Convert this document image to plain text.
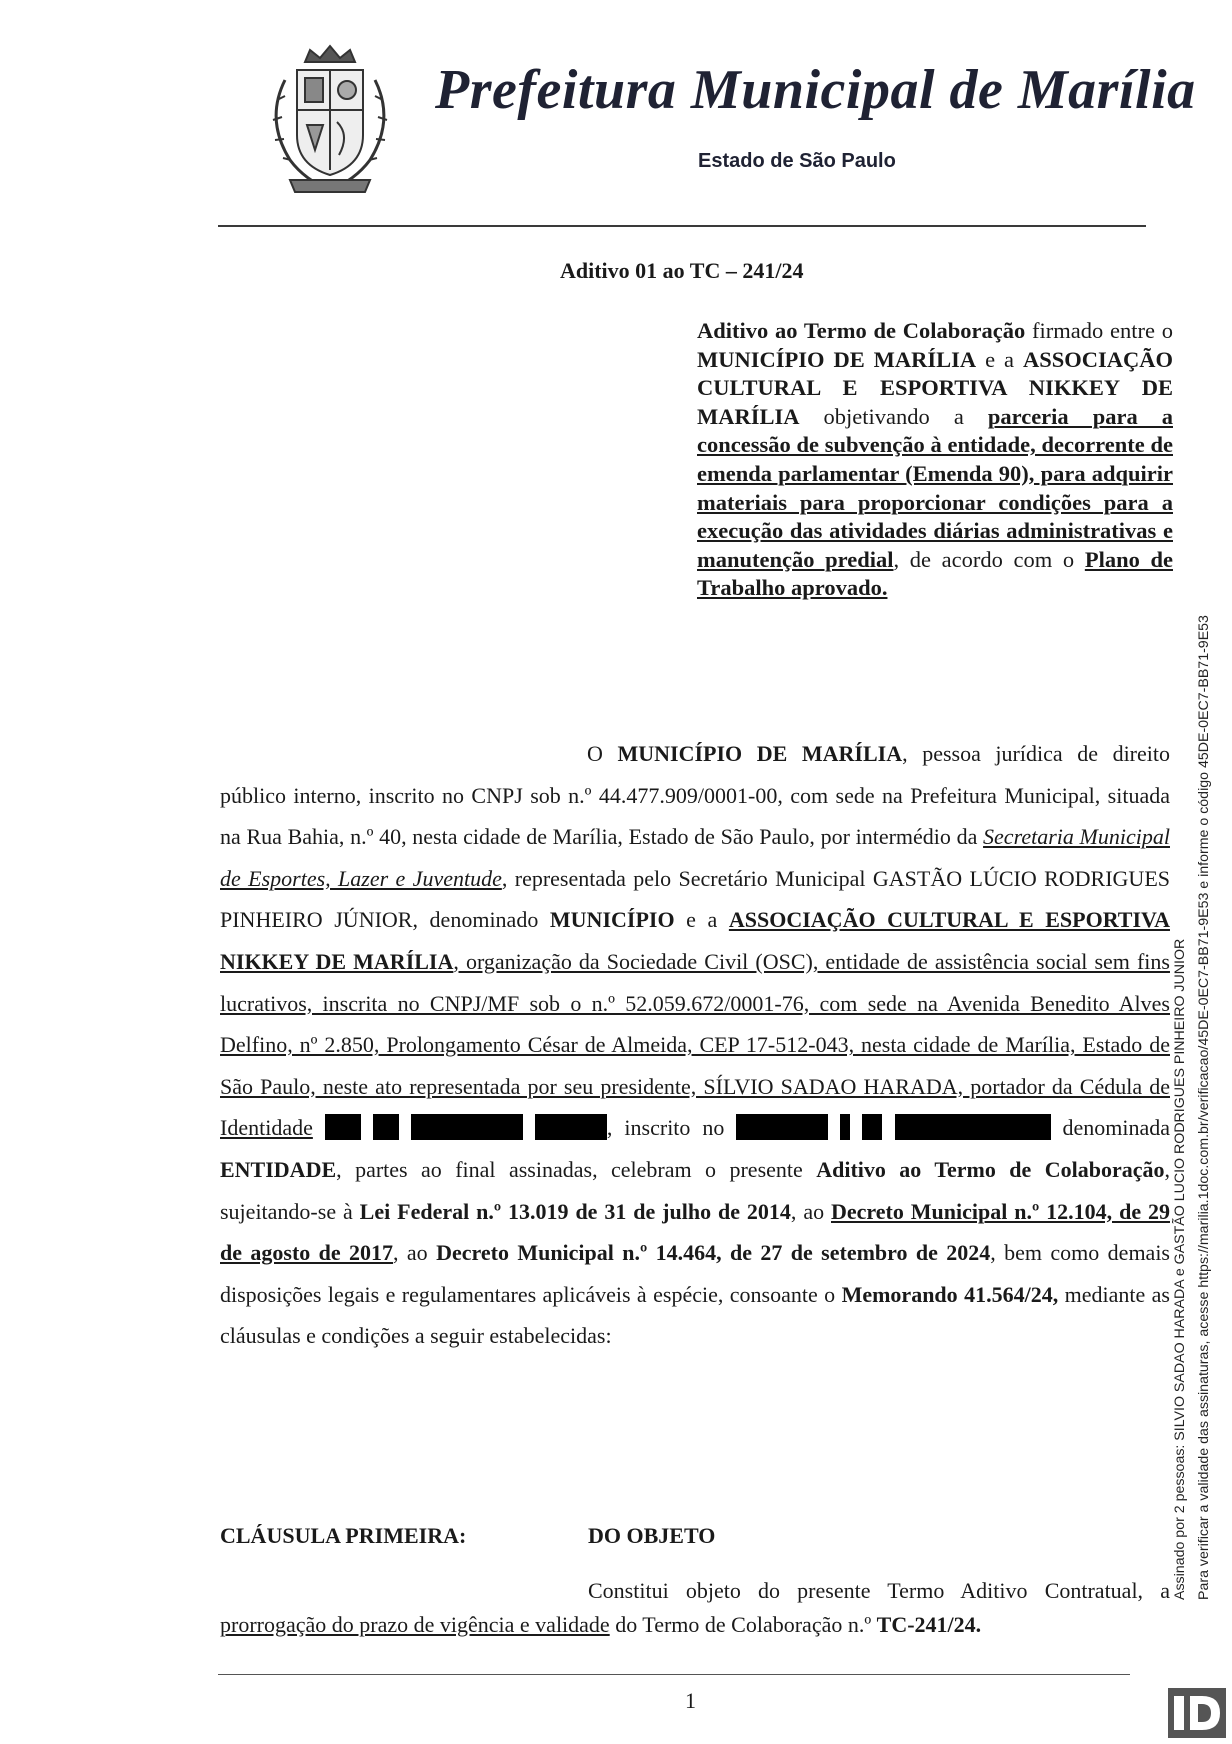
Prefeitura Municipal de Marília
Estado de São Paulo
Aditivo 01 ao TC – 241/24
Aditivo ao Termo de Colaboração firmado entre o MUNICÍPIO DE MARÍLIA e a ASSOCIAÇÃO CULTURAL E ESPORTIVA NIKKEY DE MARÍLIA objetivando a parceria para a concessão de subvenção à entidade, decorrente de emenda parlamentar (Emenda 90), para adquirir materiais para proporcionar condições para a execução das atividades diárias administrativas e manutenção predial, de acordo com o Plano de Trabalho aprovado.
O MUNICÍPIO DE MARÍLIA, pessoa jurídica de direito público interno, inscrito no CNPJ sob n.º 44.477.909/0001-00, com sede na Prefeitura Municipal, situada na Rua Bahia, n.º 40, nesta cidade de Marília, Estado de São Paulo, por intermédio da Secretaria Municipal de Esportes, Lazer e Juventude, representada pelo Secretário Municipal GASTÃO LÚCIO RODRIGUES PINHEIRO JÚNIOR, denominado MUNICÍPIO e a ASSOCIAÇÃO CULTURAL E ESPORTIVA NIKKEY DE MARÍLIA, organização da Sociedade Civil (OSC), entidade de assistência social sem fins lucrativos, inscrita no CNPJ/MF sob o n.º 52.059.672/0001-76, com sede na Avenida Benedito Alves Delfino, nº 2.850, Prolongamento César de Almeida, CEP 17-512-043, nesta cidade de Marília, Estado de São Paulo, neste ato representada por seu presidente, SÍLVIO SADAO HARADA, portador da Cédula de Identidade	, inscrito no	denominada ENTIDADE, partes ao final assinadas, celebram o presente Aditivo ao Termo de Colaboração, sujeitando-se à Lei Federal n.º 13.019 de 31 de julho de 2014, ao Decreto Municipal n.º 12.104, de 29 de agosto de 2017, ao Decreto Municipal n.º 14.464, de 27 de setembro de 2024, bem como demais disposições legais e regulamentares aplicáveis à espécie, consoante o Memorando 41.564/24, mediante as cláusulas e condições a seguir estabelecidas:
CLÁUSULA PRIMEIRA:	DO OBJETO
Constitui objeto do presente Termo Aditivo Contratual, a prorrogação do prazo de vigência e validade do Termo de Colaboração n.º TC-241/24.
1
Assinado por 2 pessoas: SILVIO SADAO HARADA e GASTÃO LUCIO RODRIGUES PINHEIRO JUNIOR Para verificar a validade das assinaturas, acesse https://marilia.1doc.com.br/verificacao/45DE-0EC7-BB71-9E53 e informe o código 45DE-0EC7-BB71-9E53
